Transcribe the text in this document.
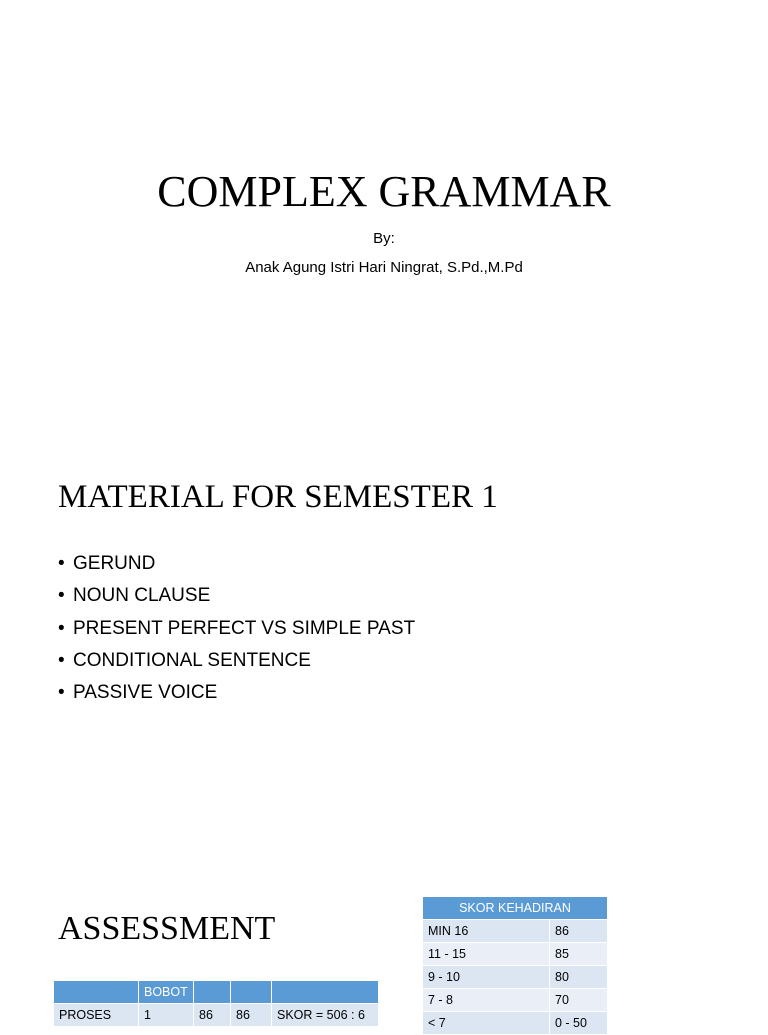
COMPLEX GRAMMAR
By:
Anak Agung Istri Hari Ningrat, S.Pd.,M.Pd
MATERIAL FOR SEMESTER 1
• GERUND
• NOUN CLAUSE
• PRESENT PERFECT VS SIMPLE PAST
• CONDITIONAL SENTENCE
• PASSIVE VOICE
ASSESSMENT
SKOR KEHADIRAN	
MIN 16	86
11 - 15	85
9 - 10	80
7 - 8	70
< 7	0 - 50
	BOBOT			
PROSES	1	86	86	SKOR = 506 : 6
